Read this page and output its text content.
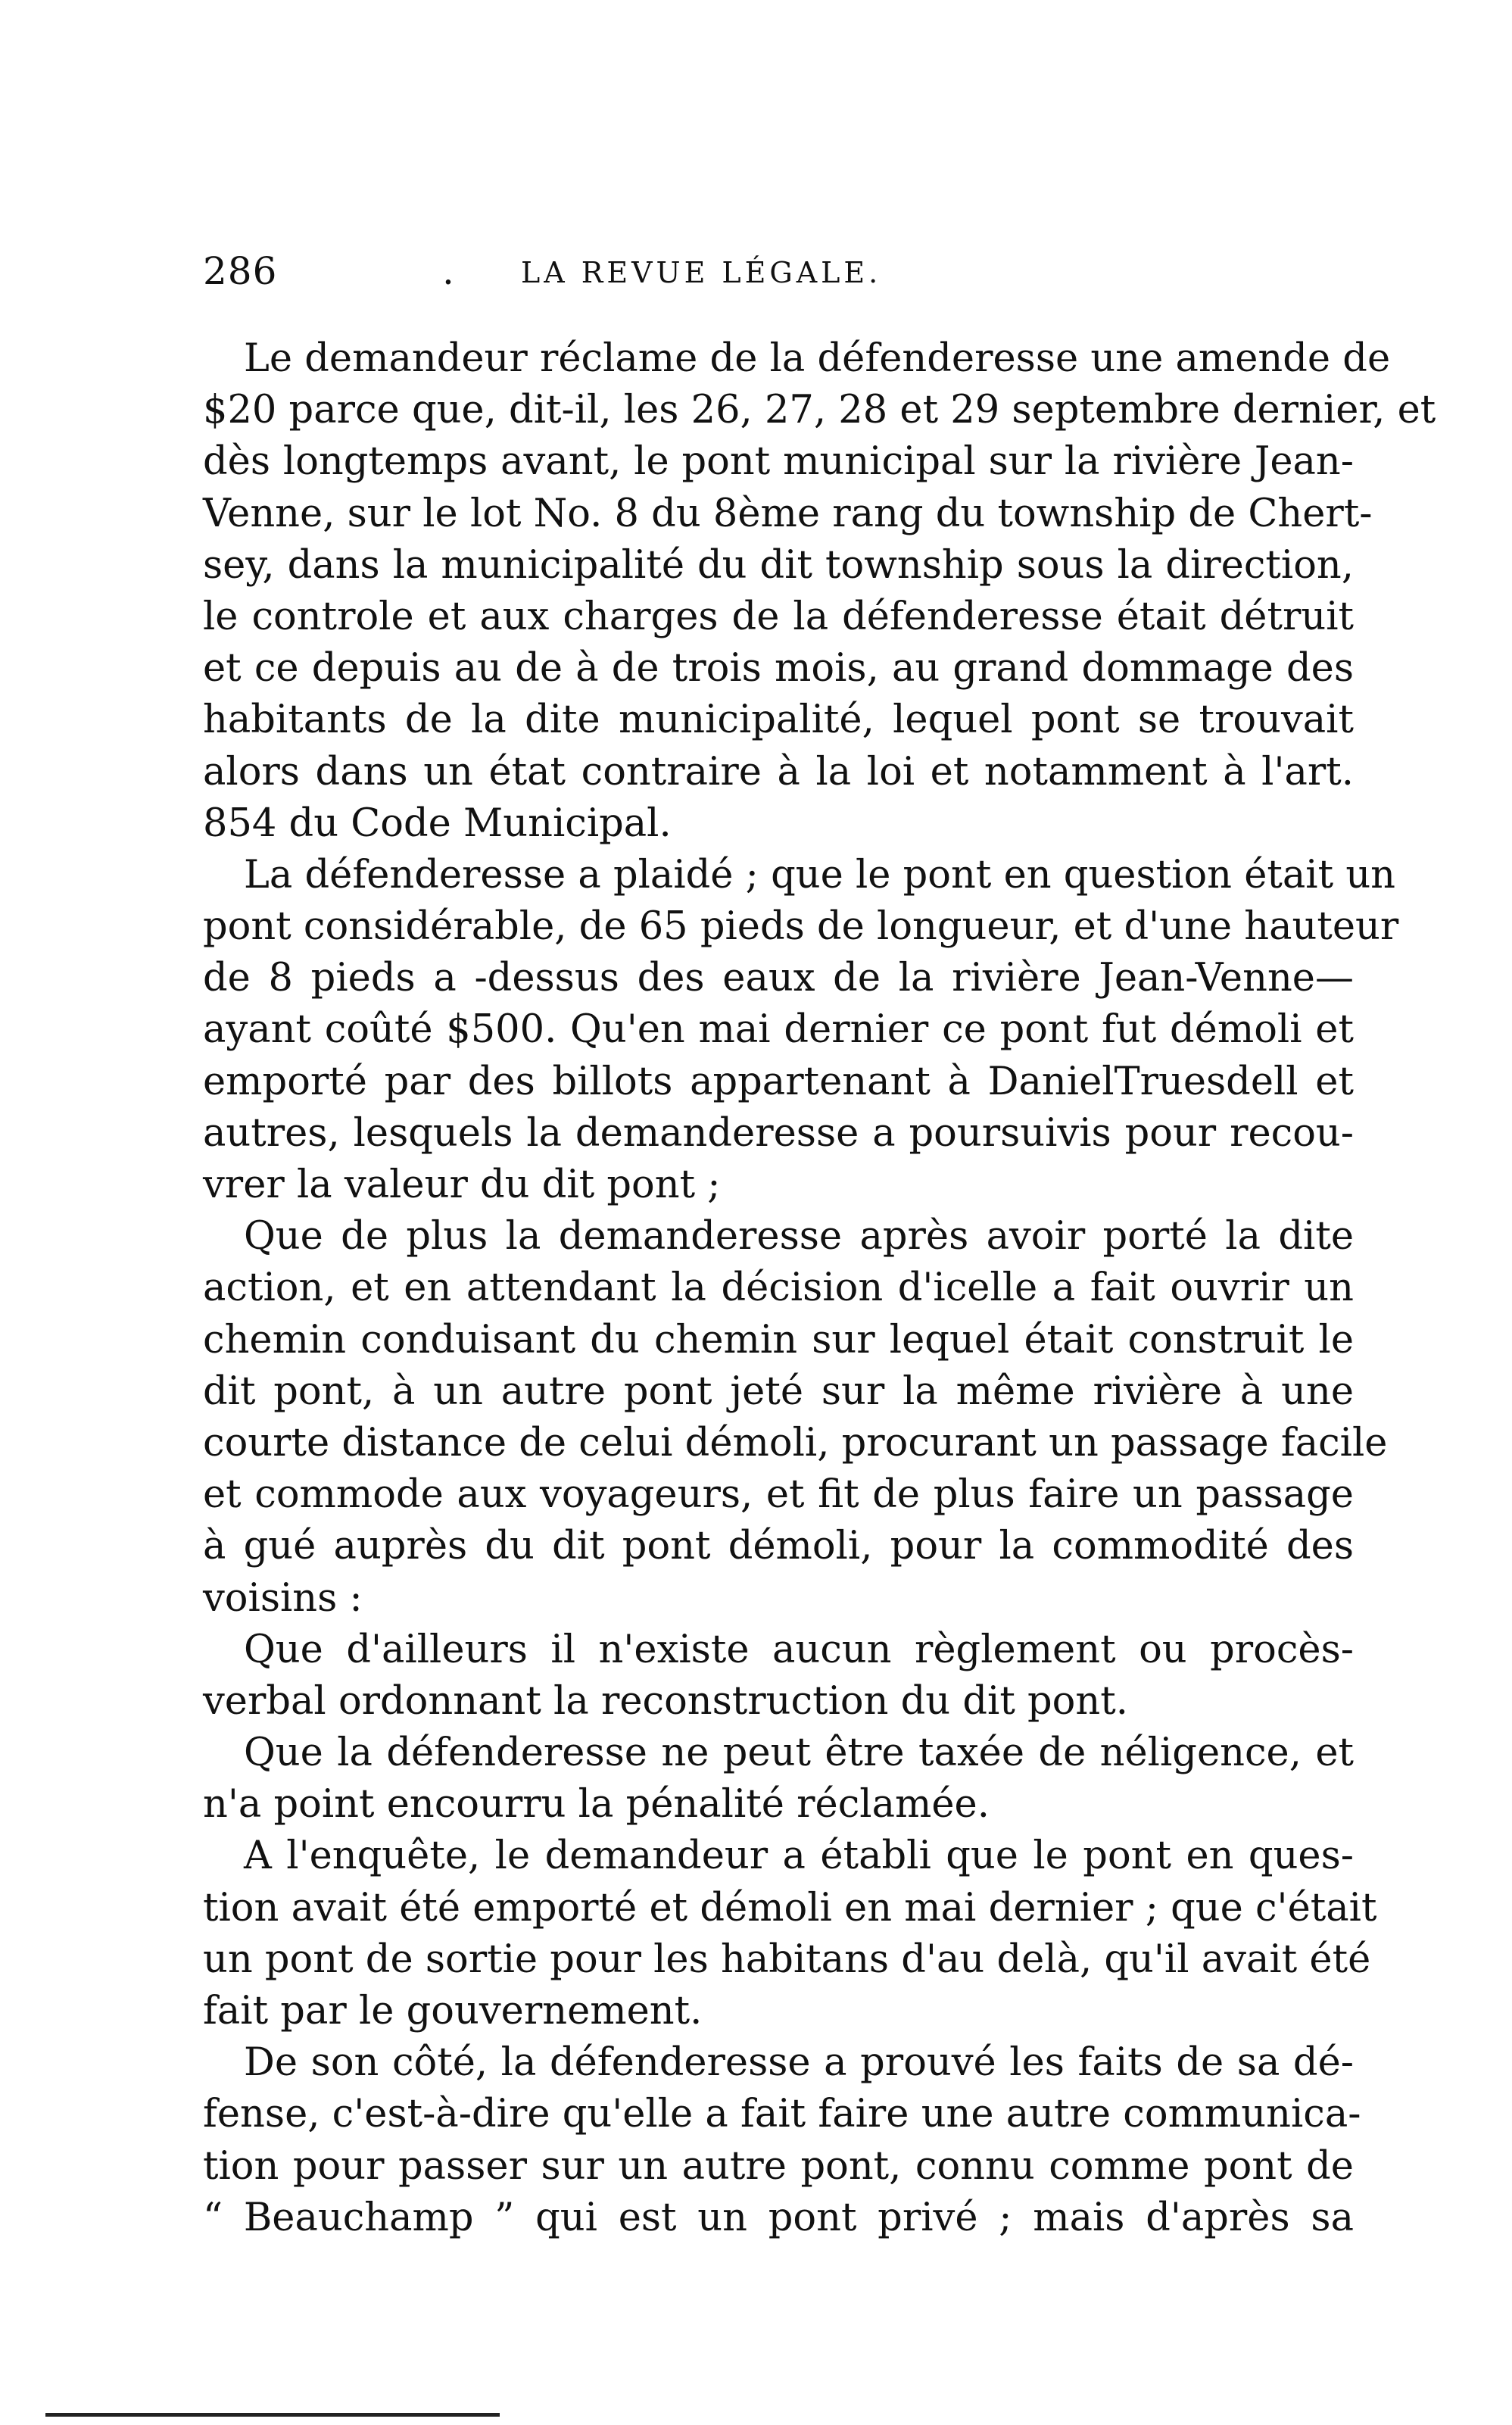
286	. LA REVUE LÉGALE.
Le demandeur réclame de la défenderesse une amende de
$20 parce que, dit-il, les 26, 27, 28 et 29 septembre dernier, et
dès longtemps avant, le pont municipal sur la rivière Jean-
Venne, sur le lot No. 8 du 8ème rang du township de Chert-
sey, dans la municipalité du dit township sous la direction,
le controle et aux charges de la défenderesse était détruit
et ce depuis au de à de trois mois, au grand dommage des
habitants de la dite municipalité, lequel pont se trouvait
alors dans un état contraire à la loi et notamment à l'art.
854 du Code Municipal.
La défenderesse a plaidé ; que le pont en question était un
pont considérable, de 65 pieds de longueur, et d'une hauteur
de 8 pieds a -dessus des eaux de la rivière Jean-Venne—
ayant coûté $500. Qu'en mai dernier ce pont fut démoli et
emporté par des billots appartenant à DanielTruesdell et
autres, lesquels la demanderesse a poursuivis pour recou-
vrer la valeur du dit pont ;
Que de plus la demanderesse après avoir porté la dite
action, et en attendant la décision d'icelle a fait ouvrir un
chemin conduisant du chemin sur lequel était construit le
dit pont, à un autre pont jeté sur la même rivière à une
courte distance de celui démoli, procurant un passage facile
et commode aux voyageurs, et fit de plus faire un passage
à gué auprès du dit pont démoli, pour la commodité des
voisins :
Que d'ailleurs il n'existe aucun règlement ou procès-
verbal ordonnant la reconstruction du dit pont.
Que la défenderesse ne peut être taxée de néligence, et
n'a point encourru la pénalité réclamée.
A l'enquête, le demandeur a établi que le pont en ques-
tion avait été emporté et démoli en mai dernier ; que c'était
un pont de sortie pour les habitans d'au delà, qu'il avait été
fait par le gouvernement.
De son côté, la défenderesse a prouvé les faits de sa dé-
fense, c'est-à-dire qu'elle a fait faire une autre communica-
tion pour passer sur un autre pont, connu comme pont de
“ Beauchamp ” qui est un pont privé ; mais d'après sa
